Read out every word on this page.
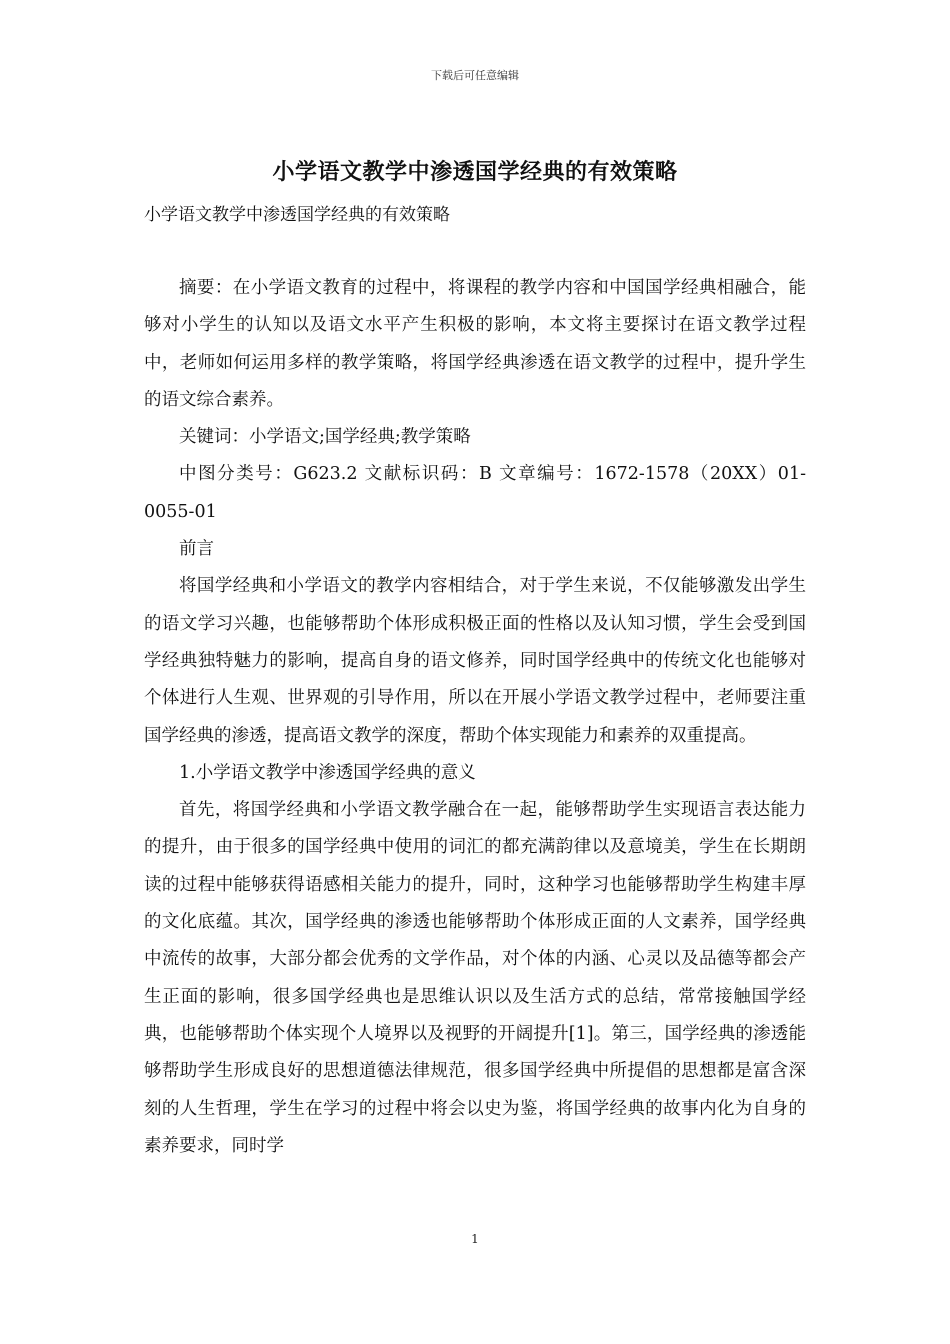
下载后可任意编辑
小学语文教学中渗透国学经典的有效策略
小学语文教学中渗透国学经典的有效策略

摘要：在小学语文教育的过程中，将课程的教学内容和中国国学经典相融合，能够对小学生的认知以及语文水平产生积极的影响，本文将主要探讨在语文教学过程中，老师如何运用多样的教学策略，将国学经典渗透在语文教学的过程中，提升学生的语文综合素养。

关键词：小学语文;国学经典;教学策略

中图分类号：G623.2 文献标识码：B 文章编号：1672-1578（20XX）01-0055-01

前言

将国学经典和小学语文的教学内容相结合，对于学生来说，不仅能够激发出学生的语文学习兴趣，也能够帮助个体形成积极正面的性格以及认知习惯，学生会受到国学经典独特魅力的影响，提高自身的语文修养，同时国学经典中的传统文化也能够对个体进行人生观、世界观的引导作用，所以在开展小学语文教学过程中，老师要注重国学经典的渗透，提高语文教学的深度，帮助个体实现能力和素养的双重提高。

1.小学语文教学中渗透国学经典的意义

首先，将国学经典和小学语文教学融合在一起，能够帮助学生实现语言表达能力的提升，由于很多的国学经典中使用的词汇的都充满韵律以及意境美，学生在长期朗读的过程中能够获得语感相关能力的提升，同时，这种学习也能够帮助学生构建丰厚的文化底蕴。其次，国学经典的渗透也能够帮助个体形成正面的人文素养，国学经典中流传的故事，大部分都会优秀的文学作品，对个体的内涵、心灵以及品德等都会产生正面的影响，很多国学经典也是思维认识以及生活方式的总结，常常接触国学经典，也能够帮助个体实现个人境界以及视野的开阔提升[1]。第三，国学经典的渗透能够帮助学生形成良好的思想道德法律规范，很多国学经典中所提倡的思想都是富含深刻的人生哲理，学生在学习的过程中将会以史为鉴，将国学经典的故事内化为自身的素养要求，同时学

1
